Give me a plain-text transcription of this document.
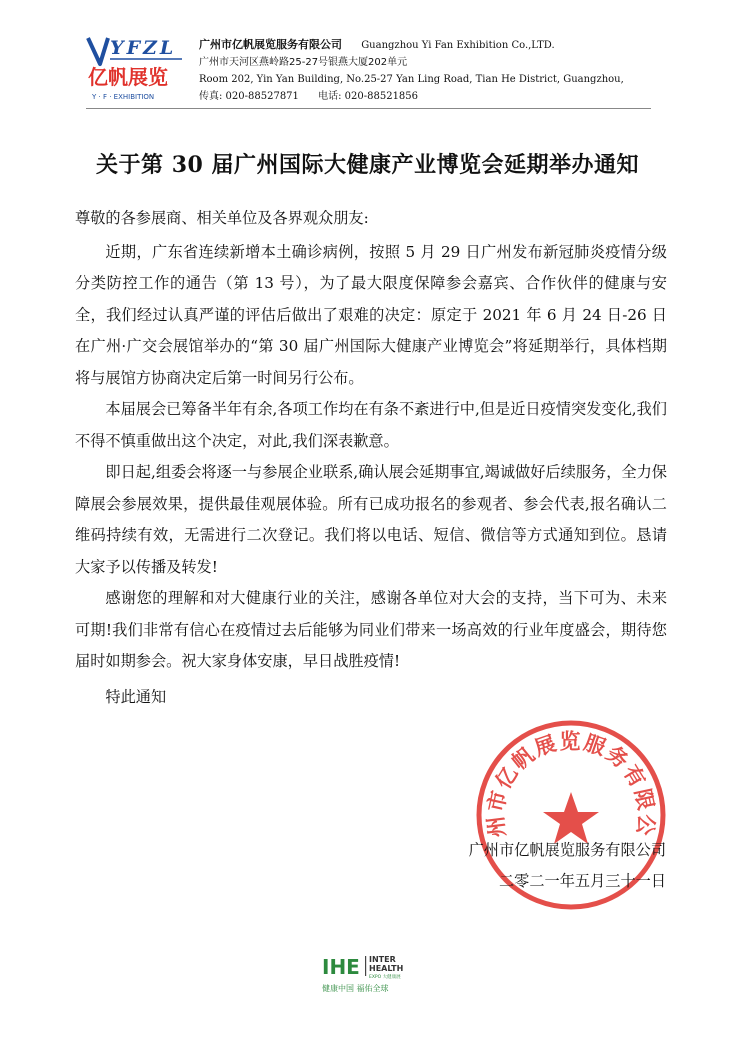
YFZL
亿帆展览
Y · F · EXHIBITION
广州市亿帆展览服务有限公司 Guangzhou Yi Fan Exhibition Co.,LTD.
广州市天河区燕岭路25-27号银燕大厦202单元
Room 202, Yin Yan Building, No.25-27 Yan Ling Road, Tian He District, Guangzhou,
传真: 020-88527871 电话: 020-88521856
关于第 30 届广州国际大健康产业博览会延期举办通知

尊敬的各参展商、相关单位及各界观众朋友:

近期，广东省连续新增本土确诊病例，按照 5 月 29 日广州发布新冠肺炎疫情分级分类防控工作的通告（第 13 号），为了最大限度保障参会嘉宾、合作伙伴的健康与安全，我们经过认真严谨的评估后做出了艰难的决定：原定于 2021 年 6 月 24 日-26 日在广州·广交会展馆举办的“第 30 届广州国际大健康产业博览会”将延期举行，具体档期将与展馆方协商决定后第一时间另行公布。

本届展会已筹备半年有余,各项工作均在有条不紊进行中,但是近日疫情突发变化,我们不得不慎重做出这个决定，对此,我们深表歉意。

即日起,组委会将逐一与参展企业联系,确认展会延期事宜,竭诚做好后续服务，全力保障展会参展效果，提供最佳观展体验。所有已成功报名的参观者、参会代表,报名确认二维码持续有效，无需进行二次登记。我们将以电话、短信、微信等方式通知到位。恳请大家予以传播及转发!

感谢您的理解和对大健康行业的关注，感谢各单位对大会的支持，当下可为、未来可期!我们非常有信心在疫情过去后能够为同业们带来一场高效的行业年度盛会，期待您届时如期参会。祝大家身体安康，早日战胜疫情!

特此通知

州市亿帆展览服务有限公
广州市亿帆展览服务有限公司
二零二一年五月三十一日
IHE INTER
HEALTH
EXPO 大健康展
健康中国 福佑全球
